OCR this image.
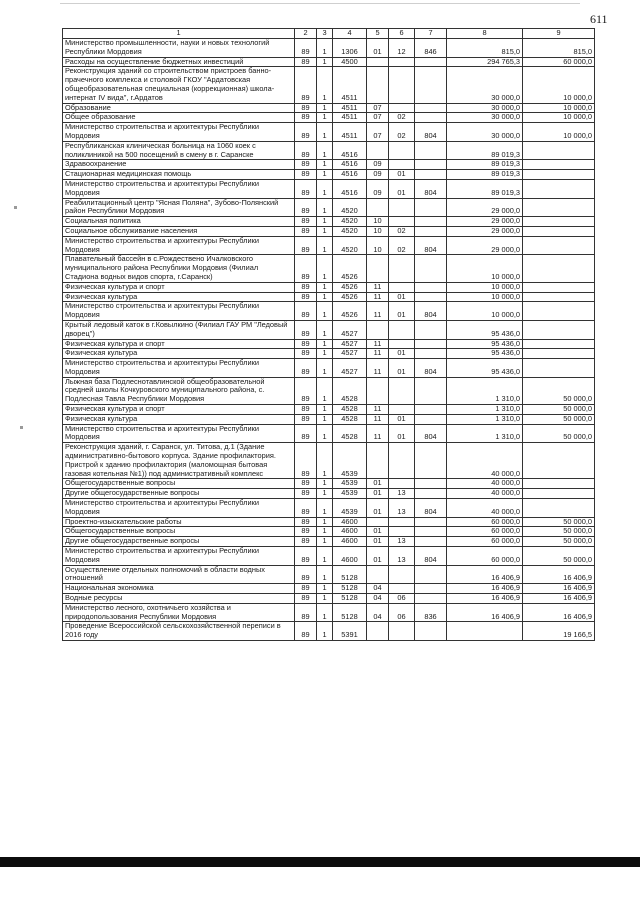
611
1	2	3	4	5	6	7	8	9
Министерство промышленности, науки и новых технологий Республики Мордовия	89	1	1306	01	12	846	815,0	815,0
Расходы на осуществление бюджетных инвестиций	89	1	4500				294 765,3	60 000,0
Реконструкция зданий со строительством пристроев банно-прачечного комплекса и столовой ГКОУ "Ардатовская общеобразовательная специальная (коррекционная) школа-интернат IV вида", г.Ардатов	89	1	4511				30 000,0	10 000,0
Образование	89	1	4511	07			30 000,0	10 000,0
Общее образование	89	1	4511	07	02		30 000,0	10 000,0
Министерство строительства и архитектуры Республики Мордовия	89	1	4511	07	02	804	30 000,0	10 000,0
Республиканская клиническая больница на 1060 коек с поликлиникой на 500 посещений в смену в г. Саранске	89	1	4516				89 019,3	
Здравоохранение	89	1	4516	09			89 019,3	
Стационарная медицинская помощь	89	1	4516	09	01		89 019,3	
Министерство строительства и архитектуры Республики Мордовия	89	1	4516	09	01	804	89 019,3	
Реабилитационный центр "Ясная Поляна", Зубово-Полянский район Республики Мордовия	89	1	4520				29 000,0	
Социальная политика	89	1	4520	10			29 000,0	
Социальное обслуживание населения	89	1	4520	10	02		29 000,0	
Министерство строительства и архитектуры Республики Мордовия	89	1	4520	10	02	804	29 000,0	
Плавательный бассейн в с.Рождествено Ичалковского муниципального района Республики Мордовия (Филиал Стадиона водных видов спорта, г.Саранск)	89	1	4526				10 000,0	
Физическая культура и спорт	89	1	4526	11			10 000,0	
Физическая культура	89	1	4526	11	01		10 000,0	
Министерство строительства и архитектуры Республики Мордовия	89	1	4526	11	01	804	10 000,0	
Крытый ледовый каток в г.Ковылкино (Филиал ГАУ РМ "Ледовый дворец")	89	1	4527				95 436,0	
Физическая культура и спорт	89	1	4527	11			95 436,0	
Физическая культура	89	1	4527	11	01		95 436,0	
Министерство строительства и архитектуры Республики Мордовия	89	1	4527	11	01	804	95 436,0	
Лыжная база Подлеснотавлинской общеобразовательной средней школы Кочкуровского муниципального района, с. Подлесная Тавла Республики Мордовия	89	1	4528				1 310,0	50 000,0
Физическая культура и спорт	89	1	4528	11			1 310,0	50 000,0
Физическая культура	89	1	4528	11	01		1 310,0	50 000,0
Министерство строительства и архитектуры Республики Мордовия	89	1	4528	11	01	804	1 310,0	50 000,0
Реконструкция зданий, г. Саранск, ул. Титова, д.1 (Здание административно-бытового корпуса. Здание профилактория. Пристрой к зданию профилактория (маломощная бытовая газовая котельная №1)) под административный комплекс	89	1	4539				40 000,0	
Общегосударственные вопросы	89	1	4539	01			40 000,0	
Другие общегосударственные вопросы	89	1	4539	01	13		40 000,0	
Министерство строительства и архитектуры Республики Мордовия	89	1	4539	01	13	804	40 000,0	
Проектно-изыскательские работы	89	1	4600				60 000,0	50 000,0
Общегосударственные вопросы	89	1	4600	01			60 000,0	50 000,0
Другие общегосударственные вопросы	89	1	4600	01	13		60 000,0	50 000,0
Министерство строительства и архитектуры Республики Мордовия	89	1	4600	01	13	804	60 000,0	50 000,0
Осуществление отдельных полномочий в области водных отношений	89	1	5128				16 406,9	16 406,9
Национальная экономика	89	1	5128	04			16 406,9	16 406,9
Водные ресурсы	89	1	5128	04	06		16 406,9	16 406,9
Министерство лесного, охотничьего хозяйства и природопользования Республики Мордовия	89	1	5128	04	06	836	16 406,9	16 406,9
Проведение Всероссийской сельскохозяйственной переписи в 2016 году	89	1	5391					19 166,5
